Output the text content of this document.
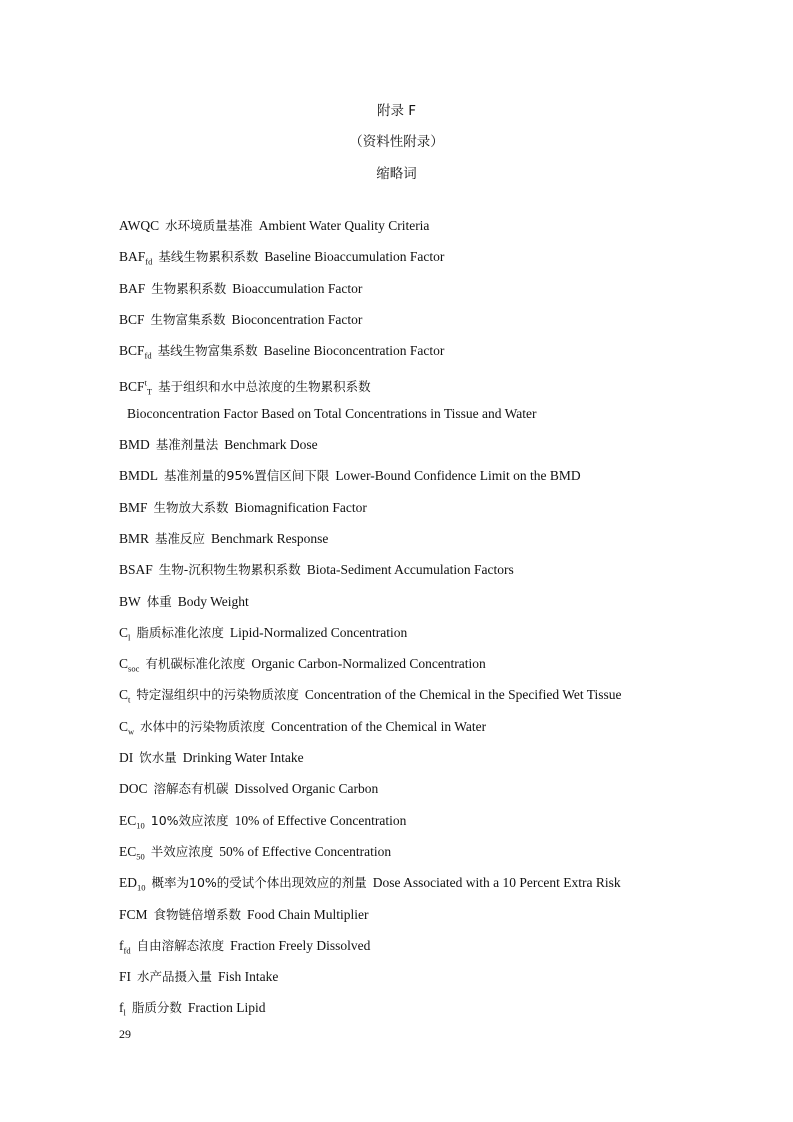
附录 F
（资料性附录）
缩略词
AWQC 水环境质量基准 Ambient Water Quality Criteria
$BAF_{fd}$ 基线生物累积系数 Baseline Bioaccumulation Factor
BAF 生物累积系数 Bioaccumulation Factor
BCF 生物富集系数 Bioconcentration Factor
$BCF_{fd}$ 基线生物富集系数 Baseline Bioconcentration Factor
$BCF^t_T$ 基于组织和水中总浓度的生物累积系数
Bioconcentration Factor Based on Total Concentrations in Tissue and Water
BMD 基准剂量法 Benchmark Dose
BMDL 基准剂量的95%置信区间下限 Lower-Bound Confidence Limit on the BMD
BMF 生物放大系数 Biomagnification Factor
BMR 基准反应 Benchmark Response
BSAF 生物-沉积物生物累积系数 Biota-Sediment Accumulation Factors
BW 体重 Body Weight
$C_l$ 脂质标准化浓度 Lipid-Normalized Concentration
$C_{soc}$ 有机碳标准化浓度 Organic Carbon-Normalized Concentration
$C_t$ 特定湿组织中的污染物质浓度 Concentration of the Chemical in the Specified Wet Tissue
$C_w$ 水体中的污染物质浓度 Concentration of the Chemical in Water
DI 饮水量 Drinking Water Intake
DOC 溶解态有机碳 Dissolved Organic Carbon
$EC_{10}$ 10%效应浓度 10% of Effective Concentration
$EC_{50}$ 半效应浓度 50% of Effective Concentration
$ED_{10}$ 概率为10%的受试个体出现效应的剂量 Dose Associated with a 10 Percent Extra Risk
FCM 食物链倍增系数 Food Chain Multiplier
$f_{fd}$ 自由溶解态浓度 Fraction Freely Dissolved
FI 水产品摄入量 Fish Intake
$f_l$ 脂质分数 Fraction Lipid
29
